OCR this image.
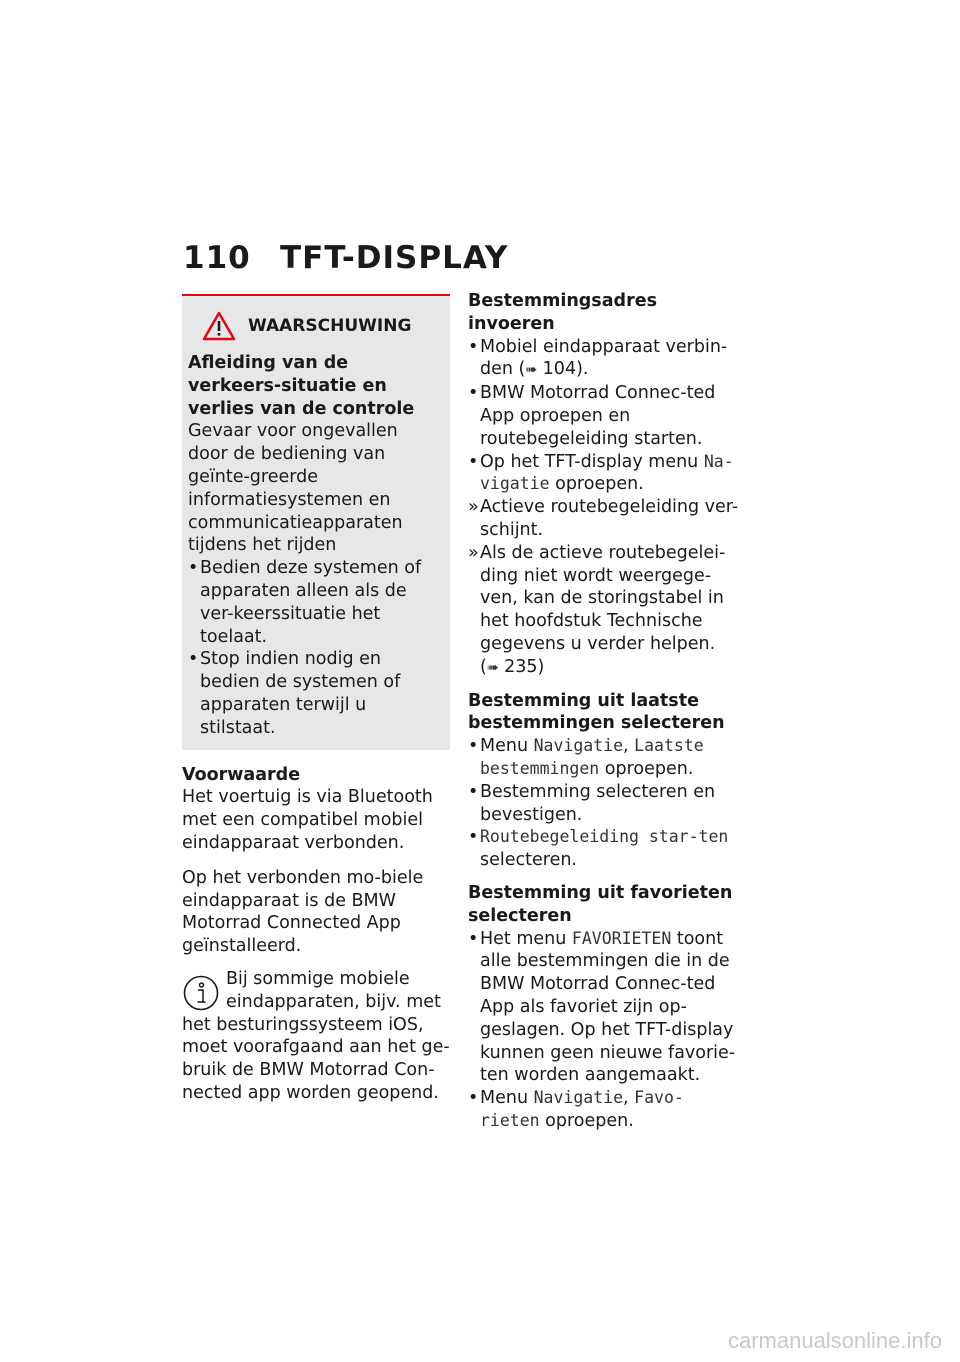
110 TFT-DISPLAY
WAARSCHUWING

Afleiding van de verkeers-situatie en verlies van de controle

Gevaar voor ongevallen door de bediening van geïnte-greerde informatiesystemen en communicatieapparaten tijdens het rijden

• Bedien deze systemen of apparaten alleen als de ver-keerssituatie het toelaat.
• Stop indien nodig en bedien de systemen of apparaten terwijl u stilstaat.

Voorwaarde

Het voertuig is via Bluetooth met een compatibel mobiel eindapparaat verbonden.

Op het verbonden mo-biele eindapparaat is de BMW Motorrad Connected App geïnstalleerd.

Bij sommige mobiele eindapparaten, bijv. met het besturingssysteem iOS, moet voorafgaand aan het ge-bruik de BMW Motorrad Con-nected app worden geopend.

Bestemmingsadres invoeren

• Mobiel eindapparaat verbin-den (➠ 104).
• BMW Motorrad Connec-ted App oproepen en routebegeleiding starten.
• Op het TFT-display menu Na-vigatie oproepen.
» Actieve routebegeleiding ver-schijnt.
» Als de actieve routebegelei-ding niet wordt weergege-ven, kan de storingstabel in het hoofdstuk Technische gegevens u verder helpen.
(➠ 235)

Bestemming uit laatste bestemmingen selecteren

• Menu Navigatie, Laatste bestemmingen oproepen.
• Bestemming selecteren en bevestigen.
• Routebegeleiding star-ten selecteren.

Bestemming uit favorieten selecteren

• Het menu FAVORIETEN toont alle bestemmingen die in de BMW Motorrad Connec-ted App als favoriet zijn op-geslagen. Op het TFT-display kunnen geen nieuwe favorie-ten worden aangemaakt.
• Menu Navigatie, Favo-rieten oproepen.
carmanualsonline.info
